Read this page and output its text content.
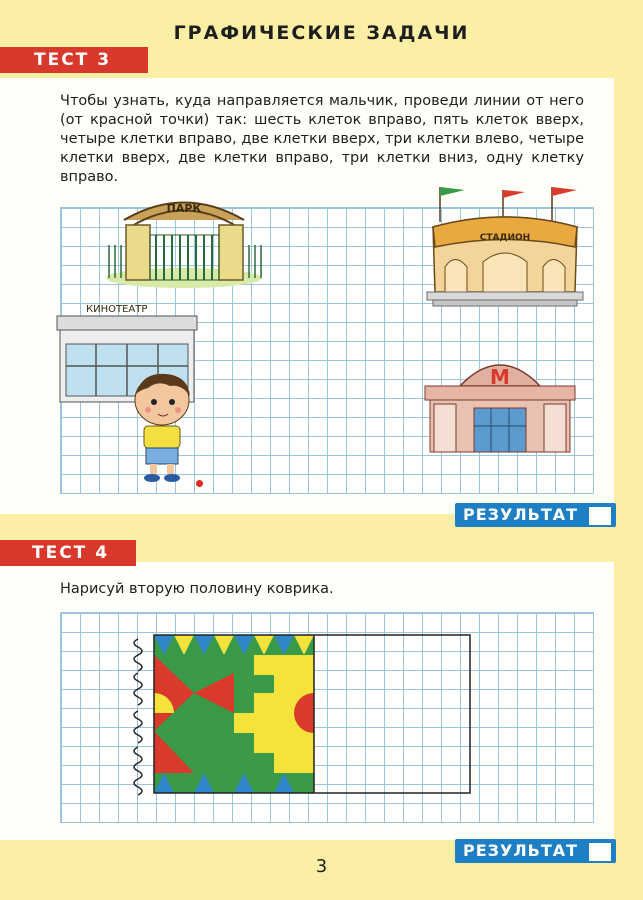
ГРАФИЧЕСКИЕ ЗАДАЧИ
ТЕСТ 3
Чтобы узнать, куда направляется мальчик, проведи линии от него (от красной точки) так: шесть клеток вправо, пять клеток вверх, четыре клетки вправо, две клетки вверх, три клетки влево, четыре клетки вверх, две клетки вправо, три клетки вниз, одну клетку вправо.
ПАРК
СТАДИОН
КИНОТЕАТР
М
РЕЗУЛЬТАТ
ТЕСТ 4
Нарисуй вторую половину коврика.
РЕЗУЛЬТАТ
3
